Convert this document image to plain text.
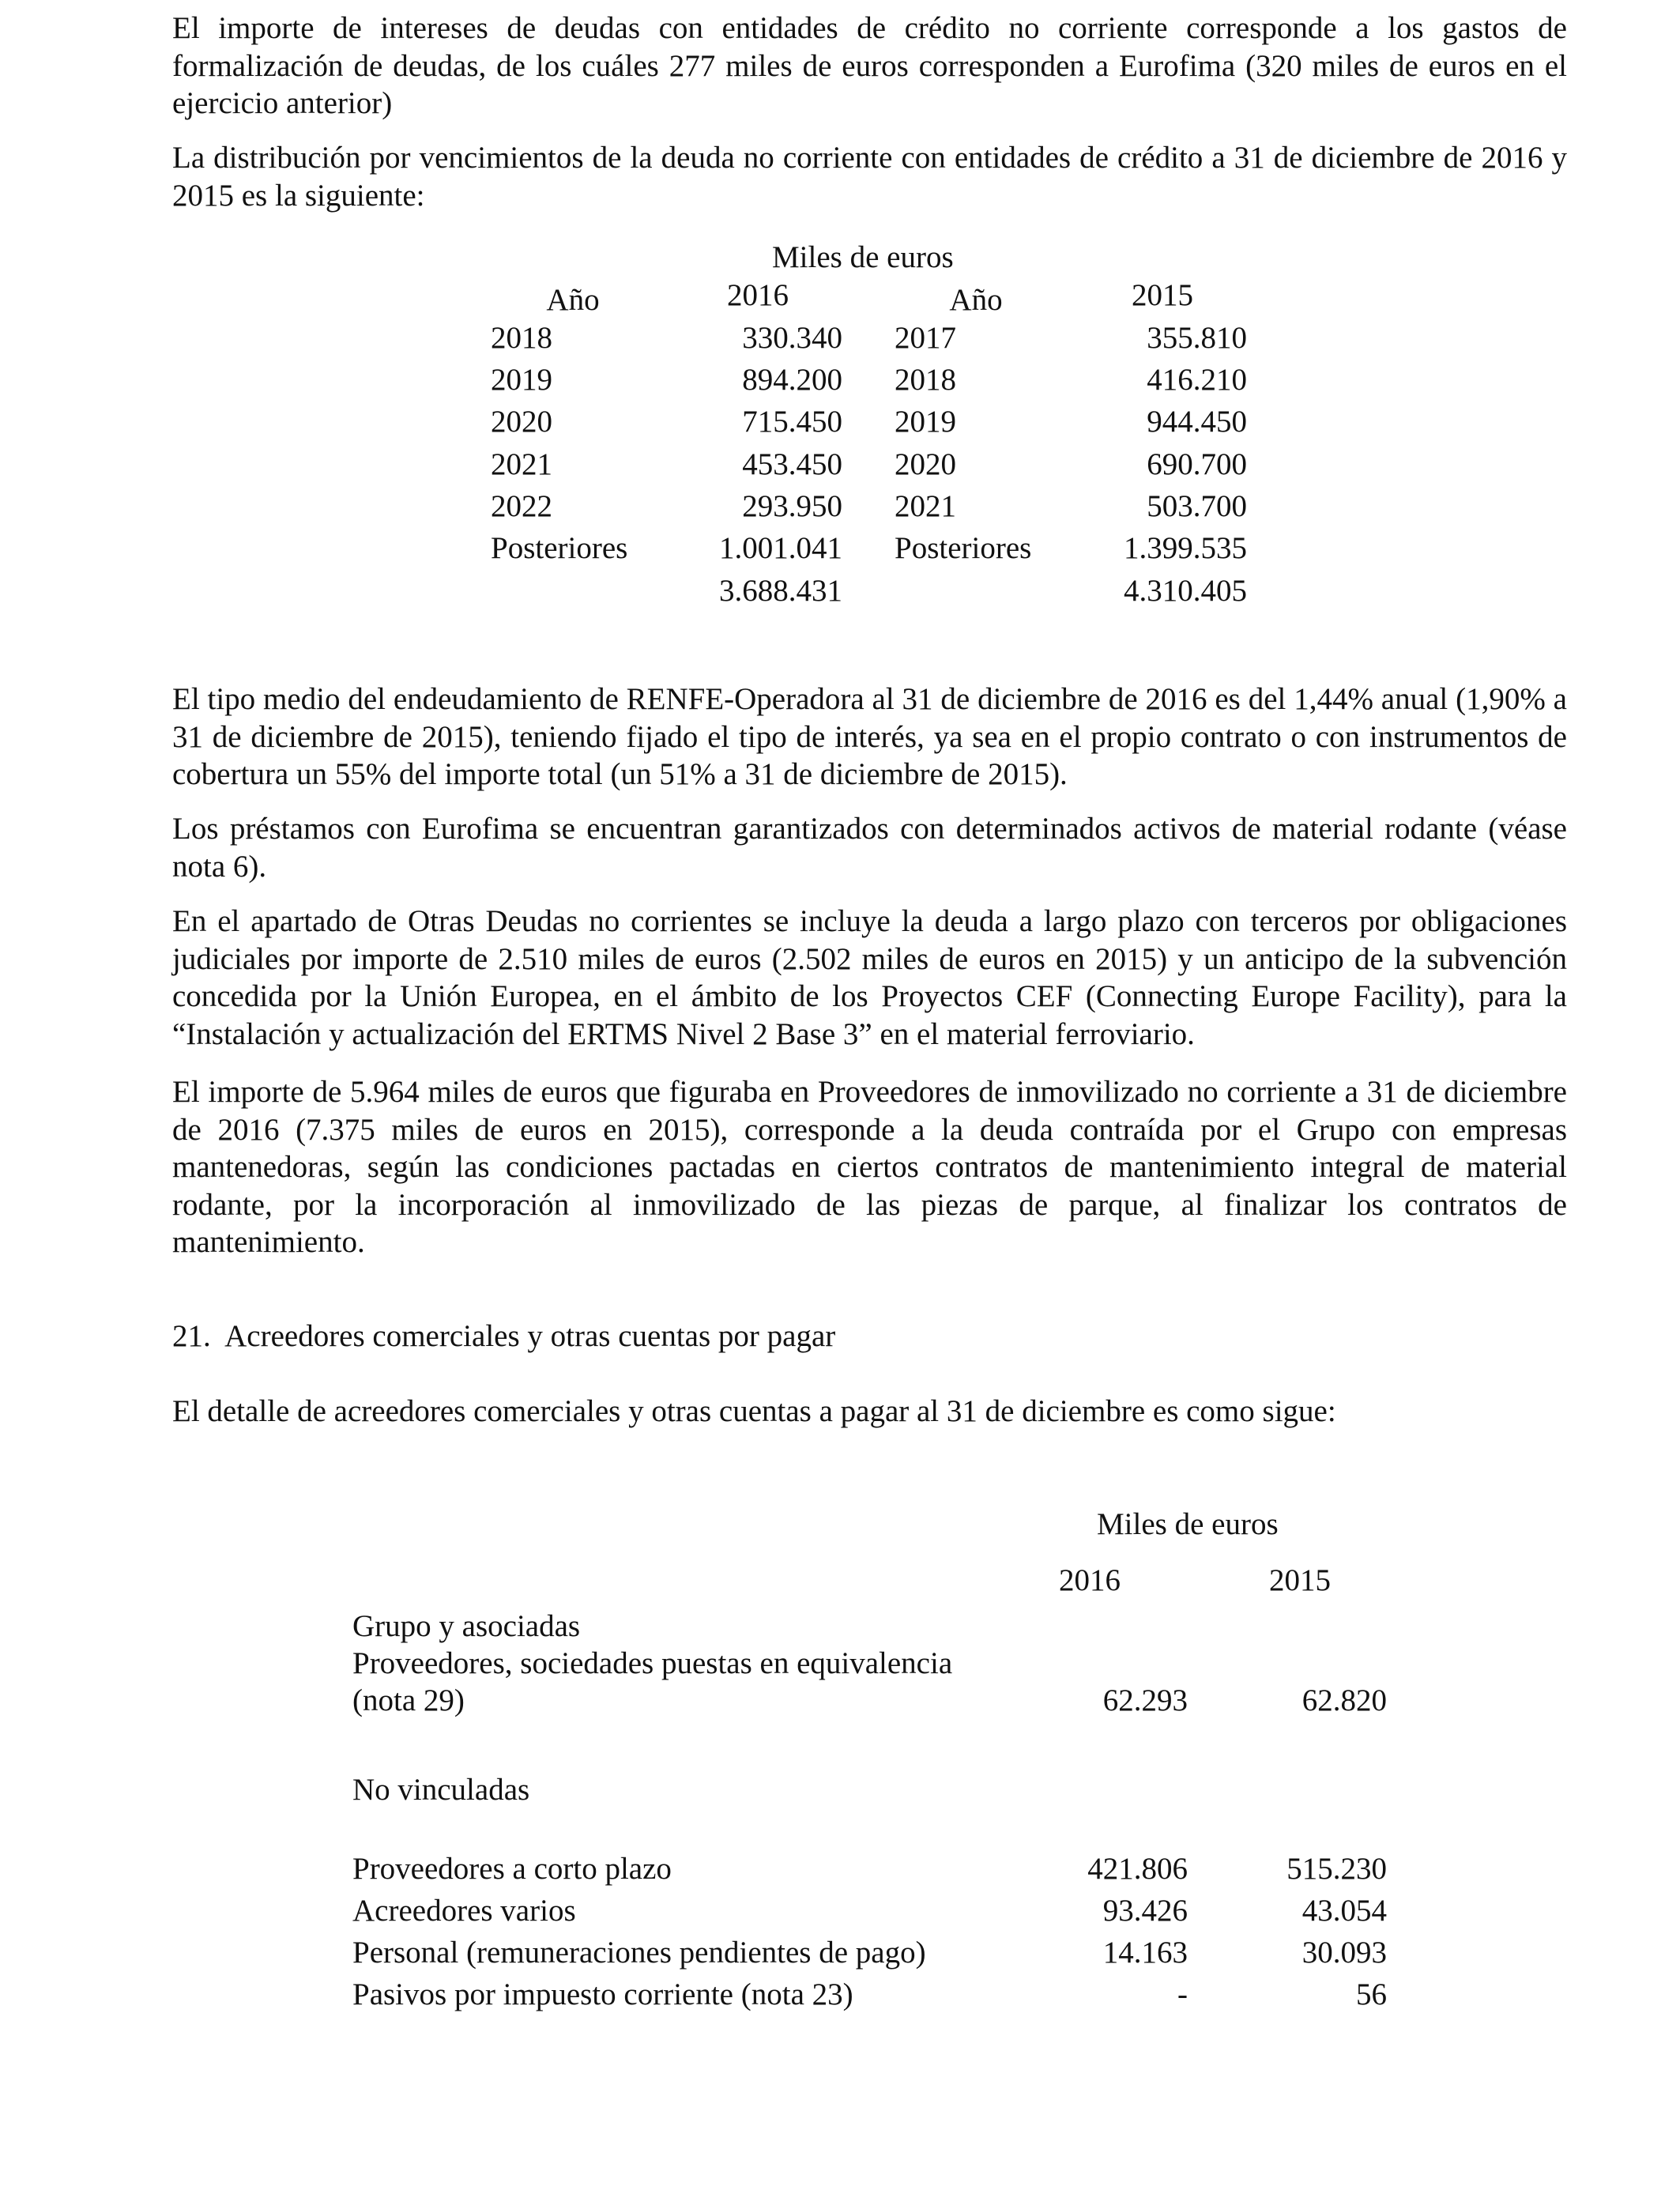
El importe de intereses de deudas con entidades de crédito no corriente corresponde a los gastos de formalización de deudas, de los cuáles 277 miles de euros corresponden a Eurofima (320 miles de euros en el ejercicio anterior)

La distribución por vencimientos de la deuda no corriente con entidades de crédito a 31 de diciembre de 2016 y 2015 es la siguiente:

Miles de euros
Año	2016	Año	2015
2018	330.340 2017	355.810
2019	894.200 2018	416.210
2020	715.450 2019	944.450
2021	453.450 2020	690.700
2022	293.950 2021	503.700
Posteriores	1.001.041 Posteriores	1.399.535
3.688.431	4.310.405

El tipo medio del endeudamiento de RENFE-Operadora al 31 de diciembre de 2016 es del 1,44% anual (1,90% a 31 de diciembre de 2015), teniendo fijado el tipo de interés, ya sea en el propio contrato o con instrumentos de cobertura un 55% del importe total (un 51% a 31 de diciembre de 2015).

Los préstamos con Eurofima se encuentran garantizados con determinados activos de material rodante (véase nota 6).

En el apartado de Otras Deudas no corrientes se incluye la deuda a largo plazo con terceros por obligaciones judiciales por importe de 2.510 miles de euros (2.502 miles de euros en 2015) y un anticipo de la subvención concedida por la Unión Europea, en el ámbito de los Proyectos CEF (Connecting Europe Facility), para la “Instalación y actualización del ERTMS Nivel 2 Base 3” en el material ferroviario.

El importe de 5.964 miles de euros que figuraba en Proveedores de inmovilizado no corriente a 31 de diciembre de 2016 (7.375 miles de euros en 2015), corresponde a la deuda contraída por el Grupo con empresas mantenedoras, según las condiciones pactadas en ciertos contratos de mantenimiento integral de material rodante, por la incorporación al inmovilizado de las piezas de parque, al finalizar los contratos de mantenimiento.

21. Acreedores comerciales y otras cuentas por pagar

El detalle de acreedores comerciales y otras cuentas a pagar al 31 de diciembre es como sigue:

Miles de euros
2016	2015
Grupo y asociadas
Proveedores, sociedades puestas en equivalencia
(nota 29)	62.293	62.820
No vinculadas
Proveedores a corto plazo	421.806	515.230
Acreedores varios	93.426	43.054
Personal (remuneraciones pendientes de pago)	14.163	30.093
Pasivos por impuesto corriente (nota 23)	-	56
